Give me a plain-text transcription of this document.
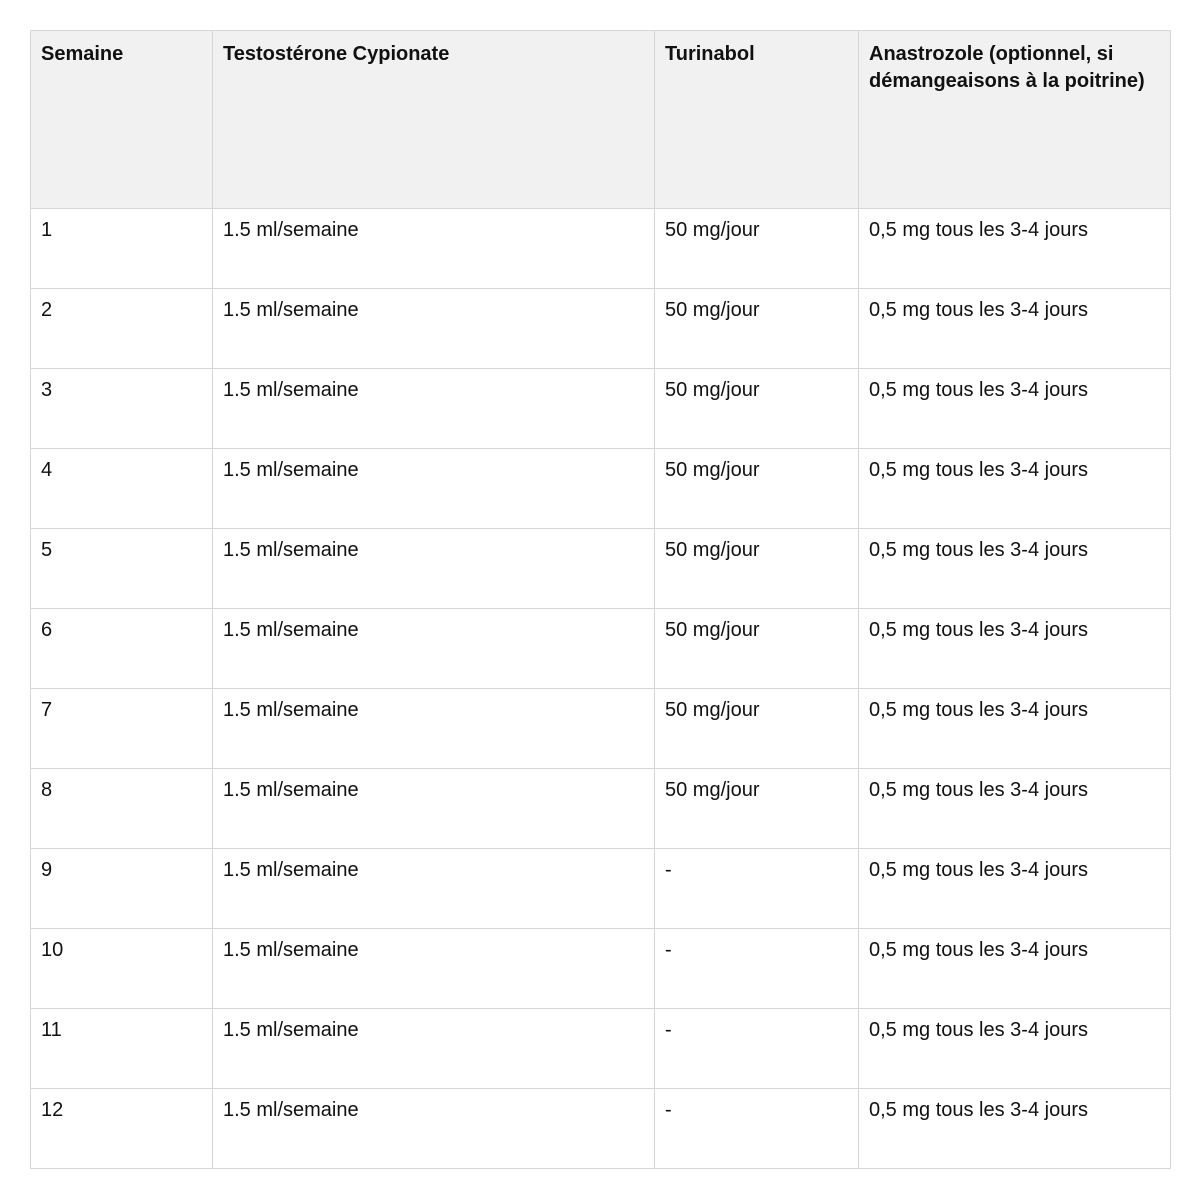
Semaine	Testostérone Cypionate	Turinabol	Anastrozole (optionnel, si démangeaisons à la poitrine)
1	1.5 ml/semaine	50 mg/jour	0,5 mg tous les 3-4 jours
2	1.5 ml/semaine	50 mg/jour	0,5 mg tous les 3-4 jours
3	1.5 ml/semaine	50 mg/jour	0,5 mg tous les 3-4 jours
4	1.5 ml/semaine	50 mg/jour	0,5 mg tous les 3-4 jours
5	1.5 ml/semaine	50 mg/jour	0,5 mg tous les 3-4 jours
6	1.5 ml/semaine	50 mg/jour	0,5 mg tous les 3-4 jours
7	1.5 ml/semaine	50 mg/jour	0,5 mg tous les 3-4 jours
8	1.5 ml/semaine	50 mg/jour	0,5 mg tous les 3-4 jours
9	1.5 ml/semaine	-	0,5 mg tous les 3-4 jours
10	1.5 ml/semaine	-	0,5 mg tous les 3-4 jours
11	1.5 ml/semaine	-	0,5 mg tous les 3-4 jours
12	1.5 ml/semaine	-	0,5 mg tous les 3-4 jours
